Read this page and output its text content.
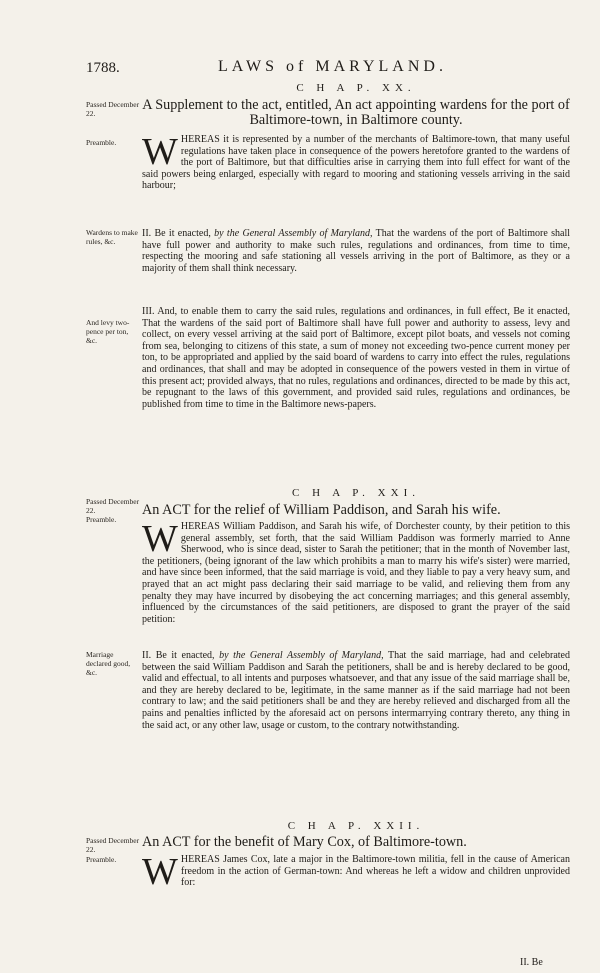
1788.	LAWS of MARYLAND.
C H A P. XX.
Passed December 22.
A Supplement to the act, entitled, An act appointing wardens for the port of Baltimore-town, in Baltimore county.
Preamble. WHEREAS it is represented by a number of the merchants of Baltimore-town, that many useful regulations have taken place in consequence of the powers heretofore granted to the wardens of the port of Baltimore, but that difficulties arise in carrying them into full effect for want of the said powers being enlarged, especially with regard to mooring and stationing vessels arriving in the said harbour;
Wardens to make rules, &c.
II. Be it enacted, by the General Assembly of Maryland, That the wardens of the port of Baltimore shall have full power and authority to make such rules, regulations and ordinances, from time to time, respecting the mooring and safe stationing all vessels arriving in the port of Baltimore, as they or a majority of them shall think necessary.
And levy two-pence per ton, &c.
III. And, to enable them to carry the said rules, regulations and ordinances, in full effect, Be it enacted, That the wardens of the said port of Baltimore shall have full power and authority to assess, levy and collect, on every vessel arriving at the said port of Baltimore, except pilot boats, and vessels not coming from sea, belonging to citizens of this state, a sum of money not exceeding two-pence current money per ton, to be appropriated and applied by the said board of wardens to carry into effect the rules, regulations and ordinances, that shall and may be adopted in consequence of the powers vested in them in virtue of this present act; provided always, that no rules, regulations and ordinances, directed to be made by this act, be repugnant to the laws of this government, and provided said rules, regulations and ordinances, be published from time to time in the Baltimore news-papers.
C H A P. XXI.
Passed December 22.	An ACT for the relief of William Paddison, and Sarah his wife.
Preamble. WHEREAS William Paddison, and Sarah his wife, of Dorchester county, by their petition to this general assembly, set forth, that the said William Paddison was formerly married to Anne Sherwood, who is since dead, sister to Sarah the petitioner; that in the month of November last, the petitioners, (being ignorant of the law which prohibits a man to marry his wife's sister) were married, and have since been informed, that the said marriage is void, and they liable to pay a very heavy sum, and prayed that an act might pass declaring their said marriage to be valid, and relieving them from any penalty they may have incurred by disobeying the act concerning marriages; and this general assembly, influenced by the circumstances of the said petitioners, are disposed to grant the prayer of the said petition:
Marriage declared good, &c.
II. Be it enacted, by the General Assembly of Maryland, That the said marriage, had and celebrated between the said William Paddison and Sarah the petitioners, shall be and is hereby declared to be good, valid and effectual, to all intents and purposes whatsoever, and that any issue of the said marriage shall be, and they are hereby declared to be, legitimate, in the same manner as if the said marriage had not been contrary to law; and the said petitioners shall be and they are hereby relieved and discharged from all the pains and penalties inflicted by the aforesaid act on persons intermarrying contrary thereto, any thing in the said act, or any other law, usage or custom, to the contrary notwithstanding.
C H A P. XXII.
Passed December 22.	An ACT for the benefit of Mary Cox, of Baltimore-town.
Preamble. WHEREAS James Cox, late a major in the Baltimore-town militia, fell in the cause of American freedom in the action of German-town: And whereas he left a widow and children unprovided for:
II. Be
